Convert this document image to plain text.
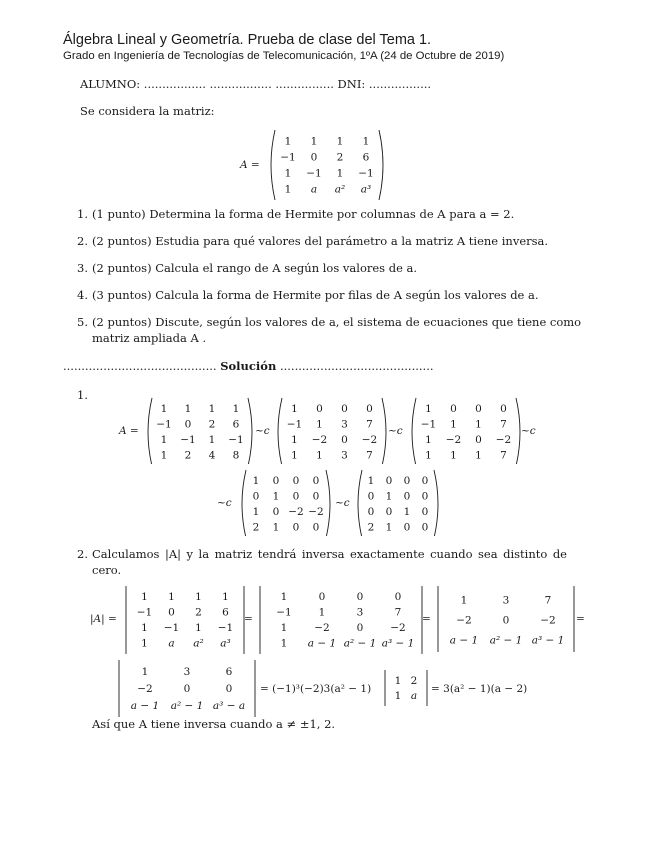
Álgebra Lineal y Geometría. Prueba de clase del Tema 1.
Grado en Ingeniería de Tecnologías de Telecomunicación, 1ºA (24 de Octubre de 2019)
ALUMNO: ................. ................. ................ DNI: .................
Se considera la matriz:
A =
1 1 1 1
−1 0 2 6
1 −1 1 −1
1 a a² a³
1. (1 punto) Determina la forma de Hermite por columnas de A para a = 2.
2. (2 puntos) Estudia para qué valores del parámetro a la matriz A tiene inversa.
3. (2 puntos) Calcula el rango de A según los valores de a.
4. (3 puntos) Calcula la forma de Hermite por filas de A según los valores de a.
5. (2 puntos) Discute, según los valores de a, el sistema de ecuaciones que tiene como matriz ampliada A .
.......................................... Solución ..........................................
1.
A =
1 1 1 1
−1 0 2 6
1 −1 1 −1
1 2 4 8
~c
1 0 0 0
−1 1 3 7
1 −2 0 −2
1 1 3 7
~c
1 0 0 0
−1 1 1 7
1 −2 0 −2
1 1 1 7
~c
~c
1 0 0 0
0 1 0 0
1 0 −2 −2
2 1 0 0
~c
1 0 0 0
0 1 0 0
0 0 1 0
2 1 0 0
2. Calculamos |A| y la matriz tendrá inversa exactamente cuando sea distinto de cero.
|A| =
1 1 1 1
−1 0 2 6
1 −1 1 −1
1 a a² a³
=
1	0	0	0
−1	1	3	7
1	−2	0	−2
1 a − 1 a² − 1 a³ − 1
=
1	3	7
−2	0	−2
a − 1 a² − 1 a³ − 1
=
1	3	6
−2	0	0
a − 1 a² − 1 a³ − a
= (−1)³(−2)3(a² − 1)
1 2
1 a
= 3(a² − 1)(a − 2)
Así que A tiene inversa cuando a ≠ ±1, 2.
